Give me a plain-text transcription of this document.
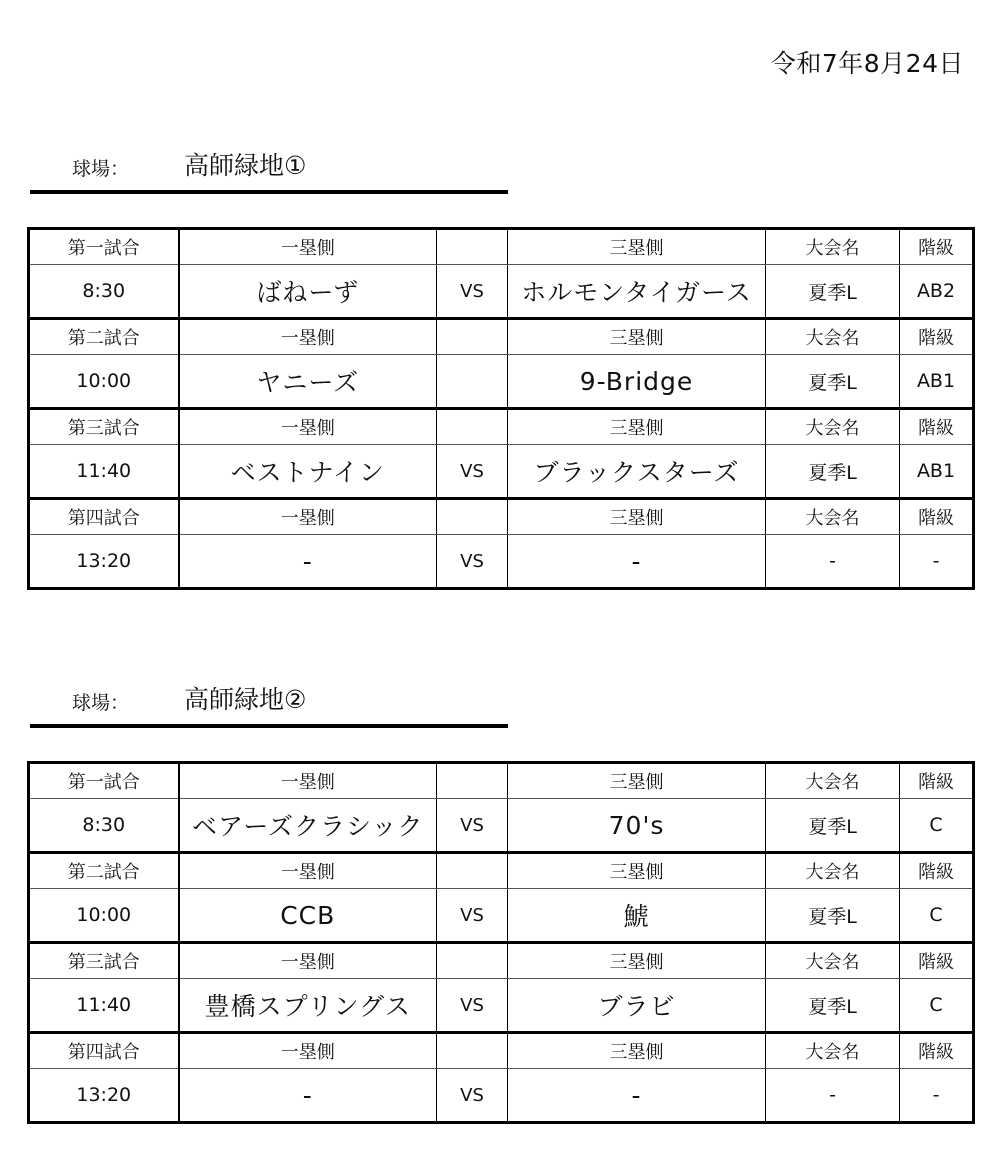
令和7年8月24日
球場： 高師緑地①
第一試合	一塁側		三塁側	大会名	階級
8:30	ばねーず	VS	ホルモンタイガース	夏季L	AB2
第二試合	一塁側		三塁側	大会名	階級
10:00	ヤニーズ		9-Bridge	夏季L	AB1
第三試合	一塁側		三塁側	大会名	階級
11:40	ベストナイン	VS	ブラックスターズ	夏季L	AB1
第四試合	一塁側		三塁側	大会名	階級
13:20	-	VS	-	-	-
球場： 高師緑地②
第一試合	一塁側		三塁側	大会名	階級
8:30	ベアーズクラシック	VS	70's	夏季L	C
第二試合	一塁側		三塁側	大会名	階級
10:00	CCB	VS	鯱	夏季L	C
第三試合	一塁側		三塁側	大会名	階級
11:40	豊橋スプリングス	VS	ブラビ	夏季L	C
第四試合	一塁側		三塁側	大会名	階級
13:20	-	VS	-	-	-
